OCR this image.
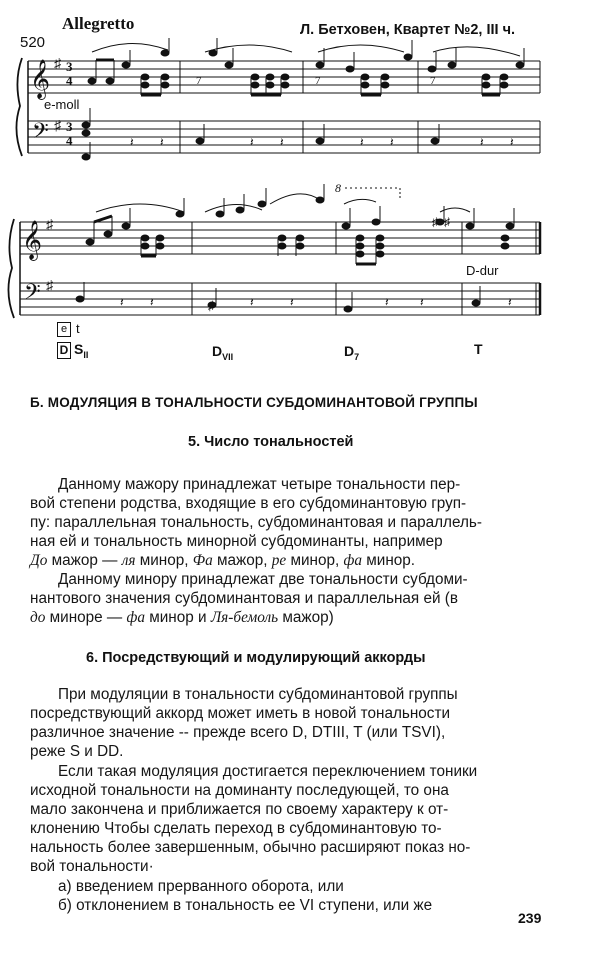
Allegretto
520
Л. Бетховен, Квартет №2, III ч.
7	7	7
𝄽 𝄽	𝄽 𝄽	𝄽 𝄽	𝄽 𝄽
𝄽 𝄽	𝄽	𝄽	𝄽	𝄽	𝄽
𝄞
𝄢
♯
♯
𝄞
𝄢
♯
♯
♯
♯ ♯
3
4
3
4
e-moll
8
D-dur
e t
D $S_{II}$	$D_{VII}$	$D_7$	T
Б. МОДУЛЯЦИЯ В ТОНАЛЬНОСТИ СУБДОМИНАНТОВОЙ ГРУППЫ
5. Число тональностей
Данному мажору принадлежат четыре тональности пер-
вой степени родства, входящие в его субдоминантовую груп-
пу: параллельная тональность, субдоминантовая и параллель-
ная ей и тональность минорной субдоминанты, например
До мажор — ля минор, Фа мажор, ре минор, фа минор.
Данному минору принадлежат две тональности субдоми-
нантового значения субдоминантовая и параллельная ей (в
до миноре — фа минор и Ля-бемоль мажор)
6. Посредствующий и модулирующий аккорды
При модуляции в тональности субдоминантовой группы
посредствующий аккорд может иметь в новой тональности
различное значение -- прежде всего D, DTIII, T (или TSVI),
реже S и DD.
Если такая модуляция достигается переключением тоники
исходной тональности на доминанту последующей, то она
мало закончена и приближается по своему характеру к от-
клонению Чтобы сделать переход в субдоминантовую то-
нальность более завершенным, обычно расширяют показ но-
вой тональности·
а) введением прерванного оборота, или
б) отклонением в тональность ее VI ступени, или же
239
